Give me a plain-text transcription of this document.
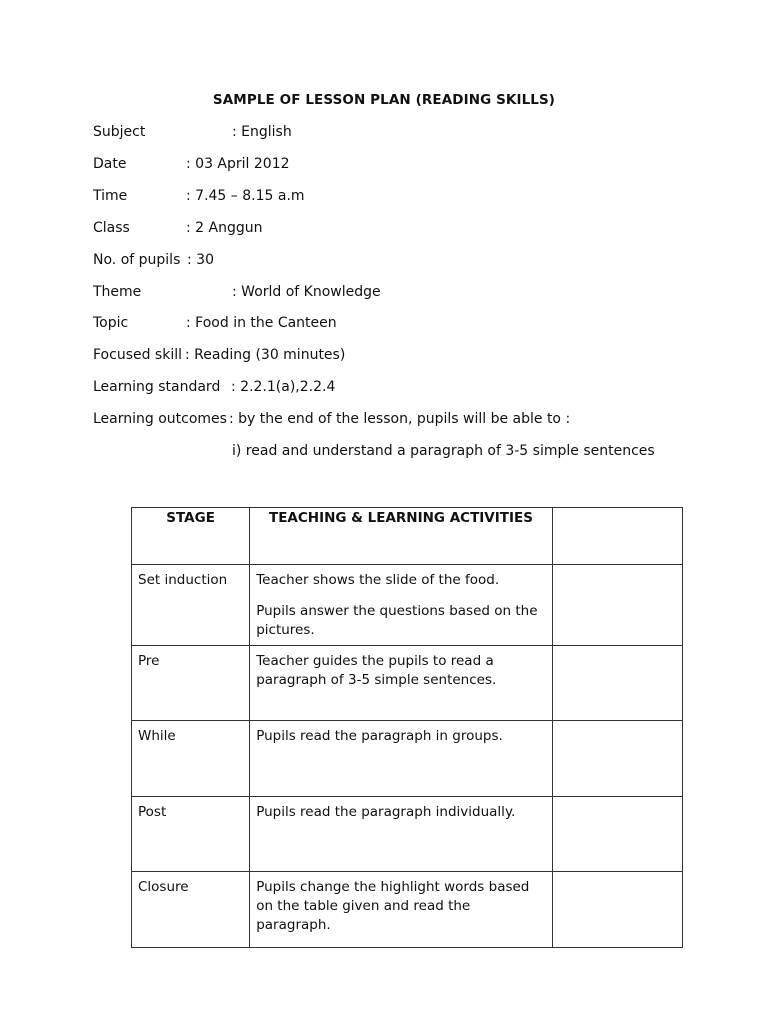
SAMPLE OF LESSON PLAN (READING SKILLS)
Subject	: English
Date	: 03 April 2012
Time	: 7.45 – 8.15 a.m
Class	: 2 Anggun
No. of pupils : 30
Theme	: World of Knowledge
Topic	: Food in the Canteen
Focused skill : Reading (30 minutes)
Learning standard : 2.2.1(a),2.2.4
Learning outcomes : by the end of the lesson, pupils will be able to :
i) read and understand a paragraph of 3-5 simple sentences
STAGE	TEACHING & LEARNING ACTIVITIES	

Set induction	Teacher shows the slide of the food.

Pupils answer the questions based on the pictures.	

Pre	Teacher guides the pupils to read a paragraph of 3-5 simple sentences.	

While	Pupils read the paragraph in groups.	

Post	Pupils read the paragraph individually.	

Closure	Pupils change the highlight words based on the table given and read the paragraph.	
